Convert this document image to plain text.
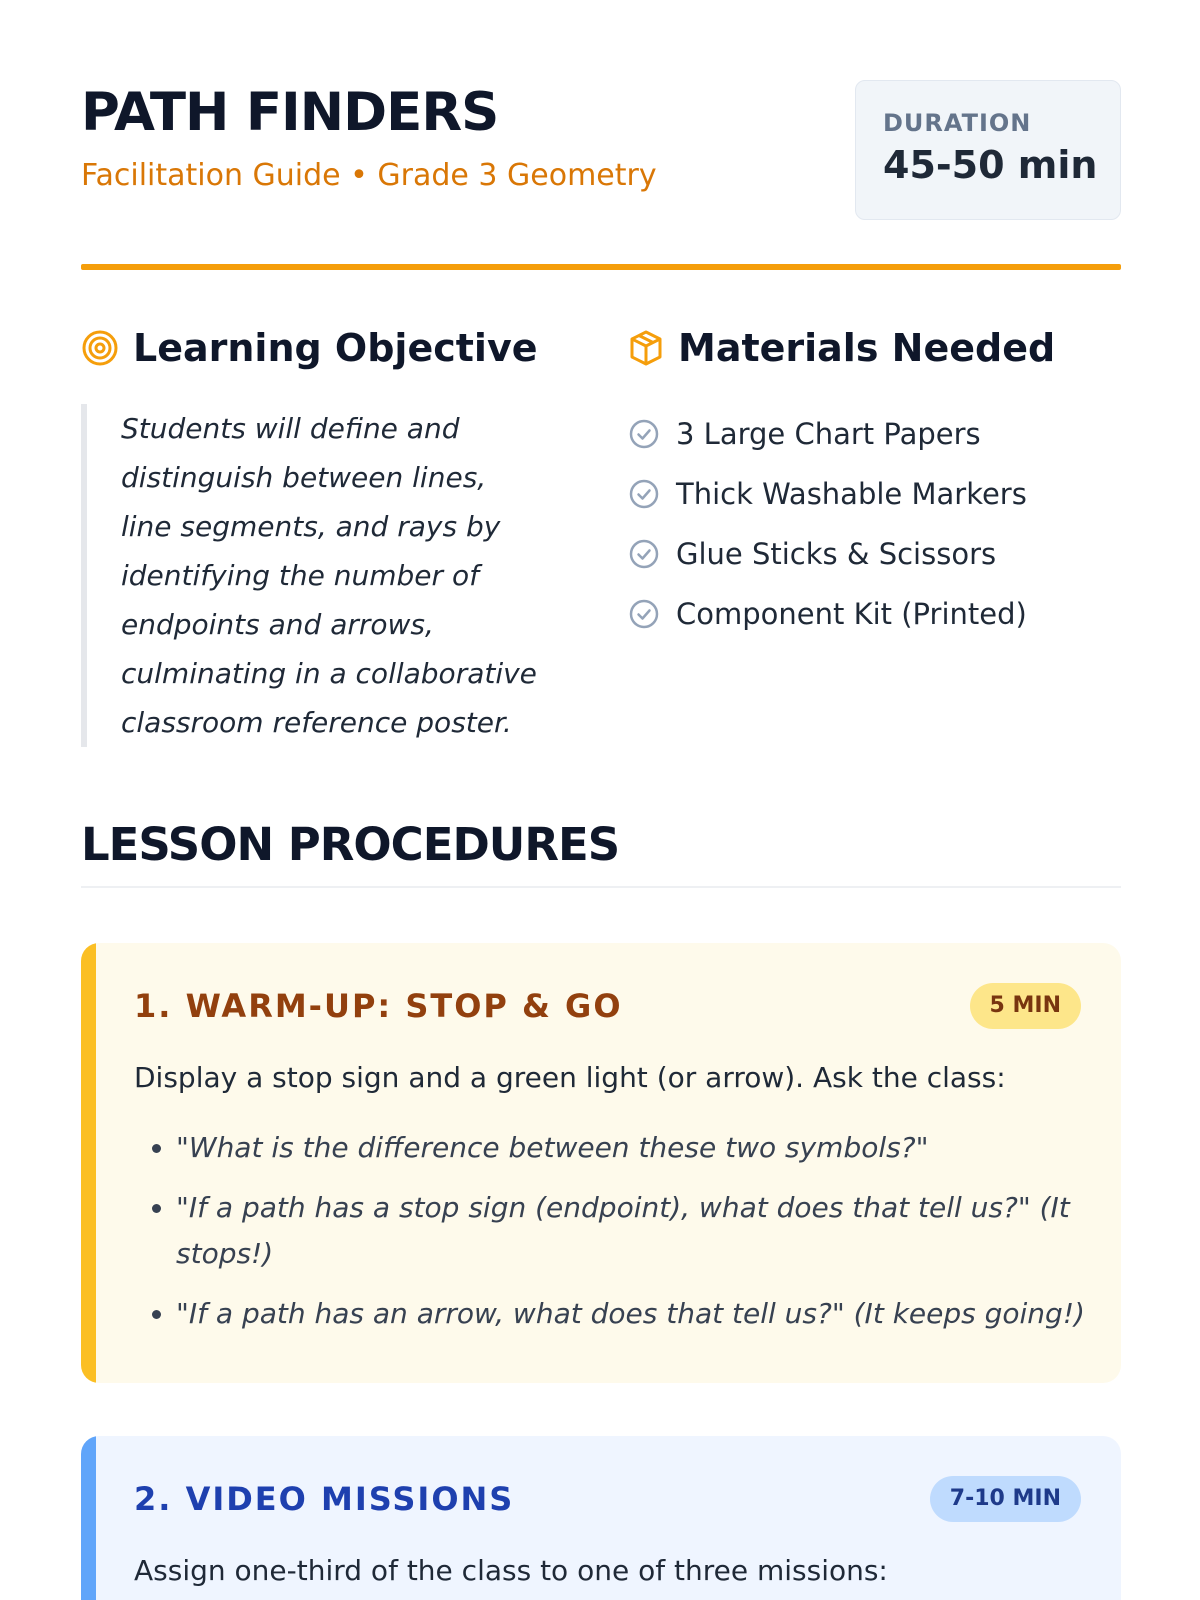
PATH FINDERS
Facilitation Guide • Grade 3 Geometry
DURATION
45-50 min
Learning Objective	Materials Needed
Students will define and distinguish between lines, line segments, and rays by identifying the number of endpoints and arrows, culminating in a collaborative classroom reference poster.
3 Large Chart Papers
Thick Washable Markers
Glue Sticks & Scissors
Component Kit (Printed)
LESSON PROCEDURES
1. WARM-UP: STOP & GO	5 MIN
Display a stop sign and a green light (or arrow). Ask the class:
• "What is the difference between these two symbols?"
• "If a path has a stop sign (endpoint), what does that tell us?" (It stops!)
• "If a path has an arrow, what does that tell us?" (It keeps going!)
2. VIDEO MISSIONS	7-10 MIN
Assign one-third of the class to one of three missions:
